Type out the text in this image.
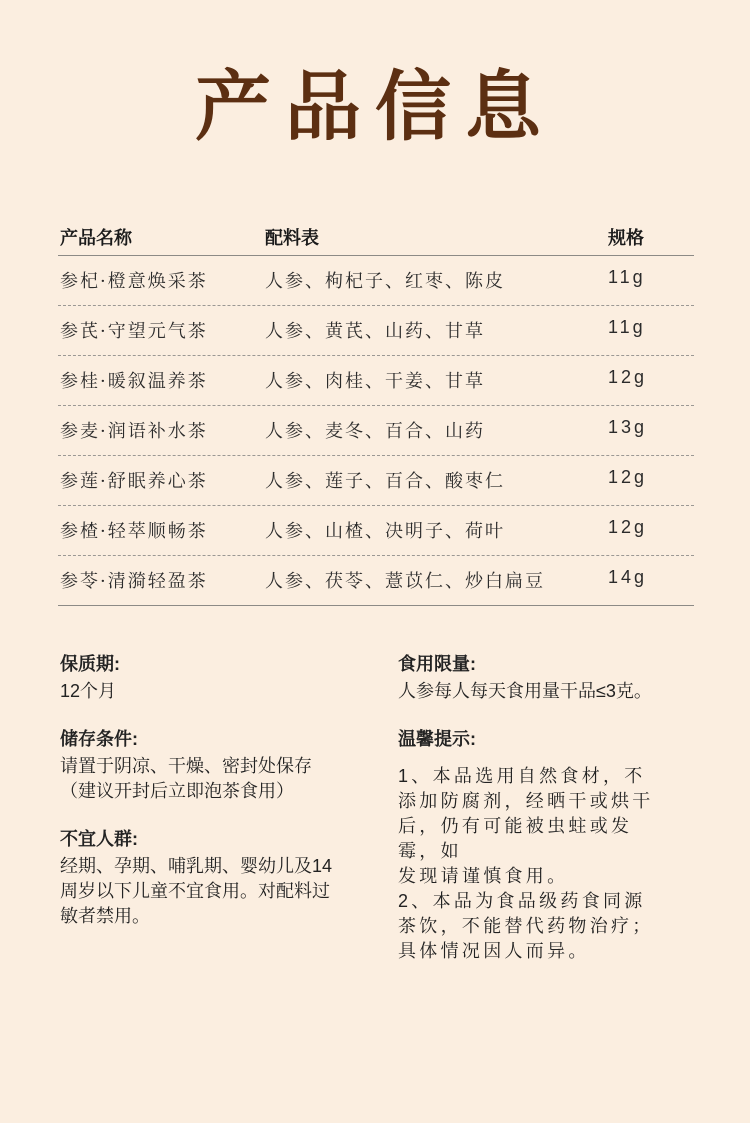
产品信息
产品名称	配料表	规格
参杞·橙意焕采茶	人参、枸杞子、红枣、陈皮	11g
参芪·守望元气茶	人参、黄芪、山药、甘草	11g
参桂·暖叙温养茶	人参、肉桂、干姜、甘草	12g
参麦·润语补水茶	人参、麦冬、百合、山药	13g
参莲·舒眠养心茶	人参、莲子、百合、酸枣仁	12g
参楂·轻萃顺畅茶	人参、山楂、决明子、荷叶	12g
参苓·清漪轻盈茶	人参、茯苓、薏苡仁、炒白扁豆	14g
保质期:
12个月
储存条件:
请置于阴凉、干燥、密封处保存
（建议开封后立即泡茶食用）
不宜人群:
经期、孕期、哺乳期、婴幼儿及14
周岁以下儿童不宜食用。对配料过
敏者禁用。
食用限量:
人参每人每天食用量干品≤3克。
温馨提示:
1、本品选用自然食材，不
添加防腐剂，经晒干或烘干
后，仍有可能被虫蛀或发霉，如
发现请谨慎食用。
2、本品为食品级药食同源
茶饮，不能替代药物治疗；
具体情况因人而异。
